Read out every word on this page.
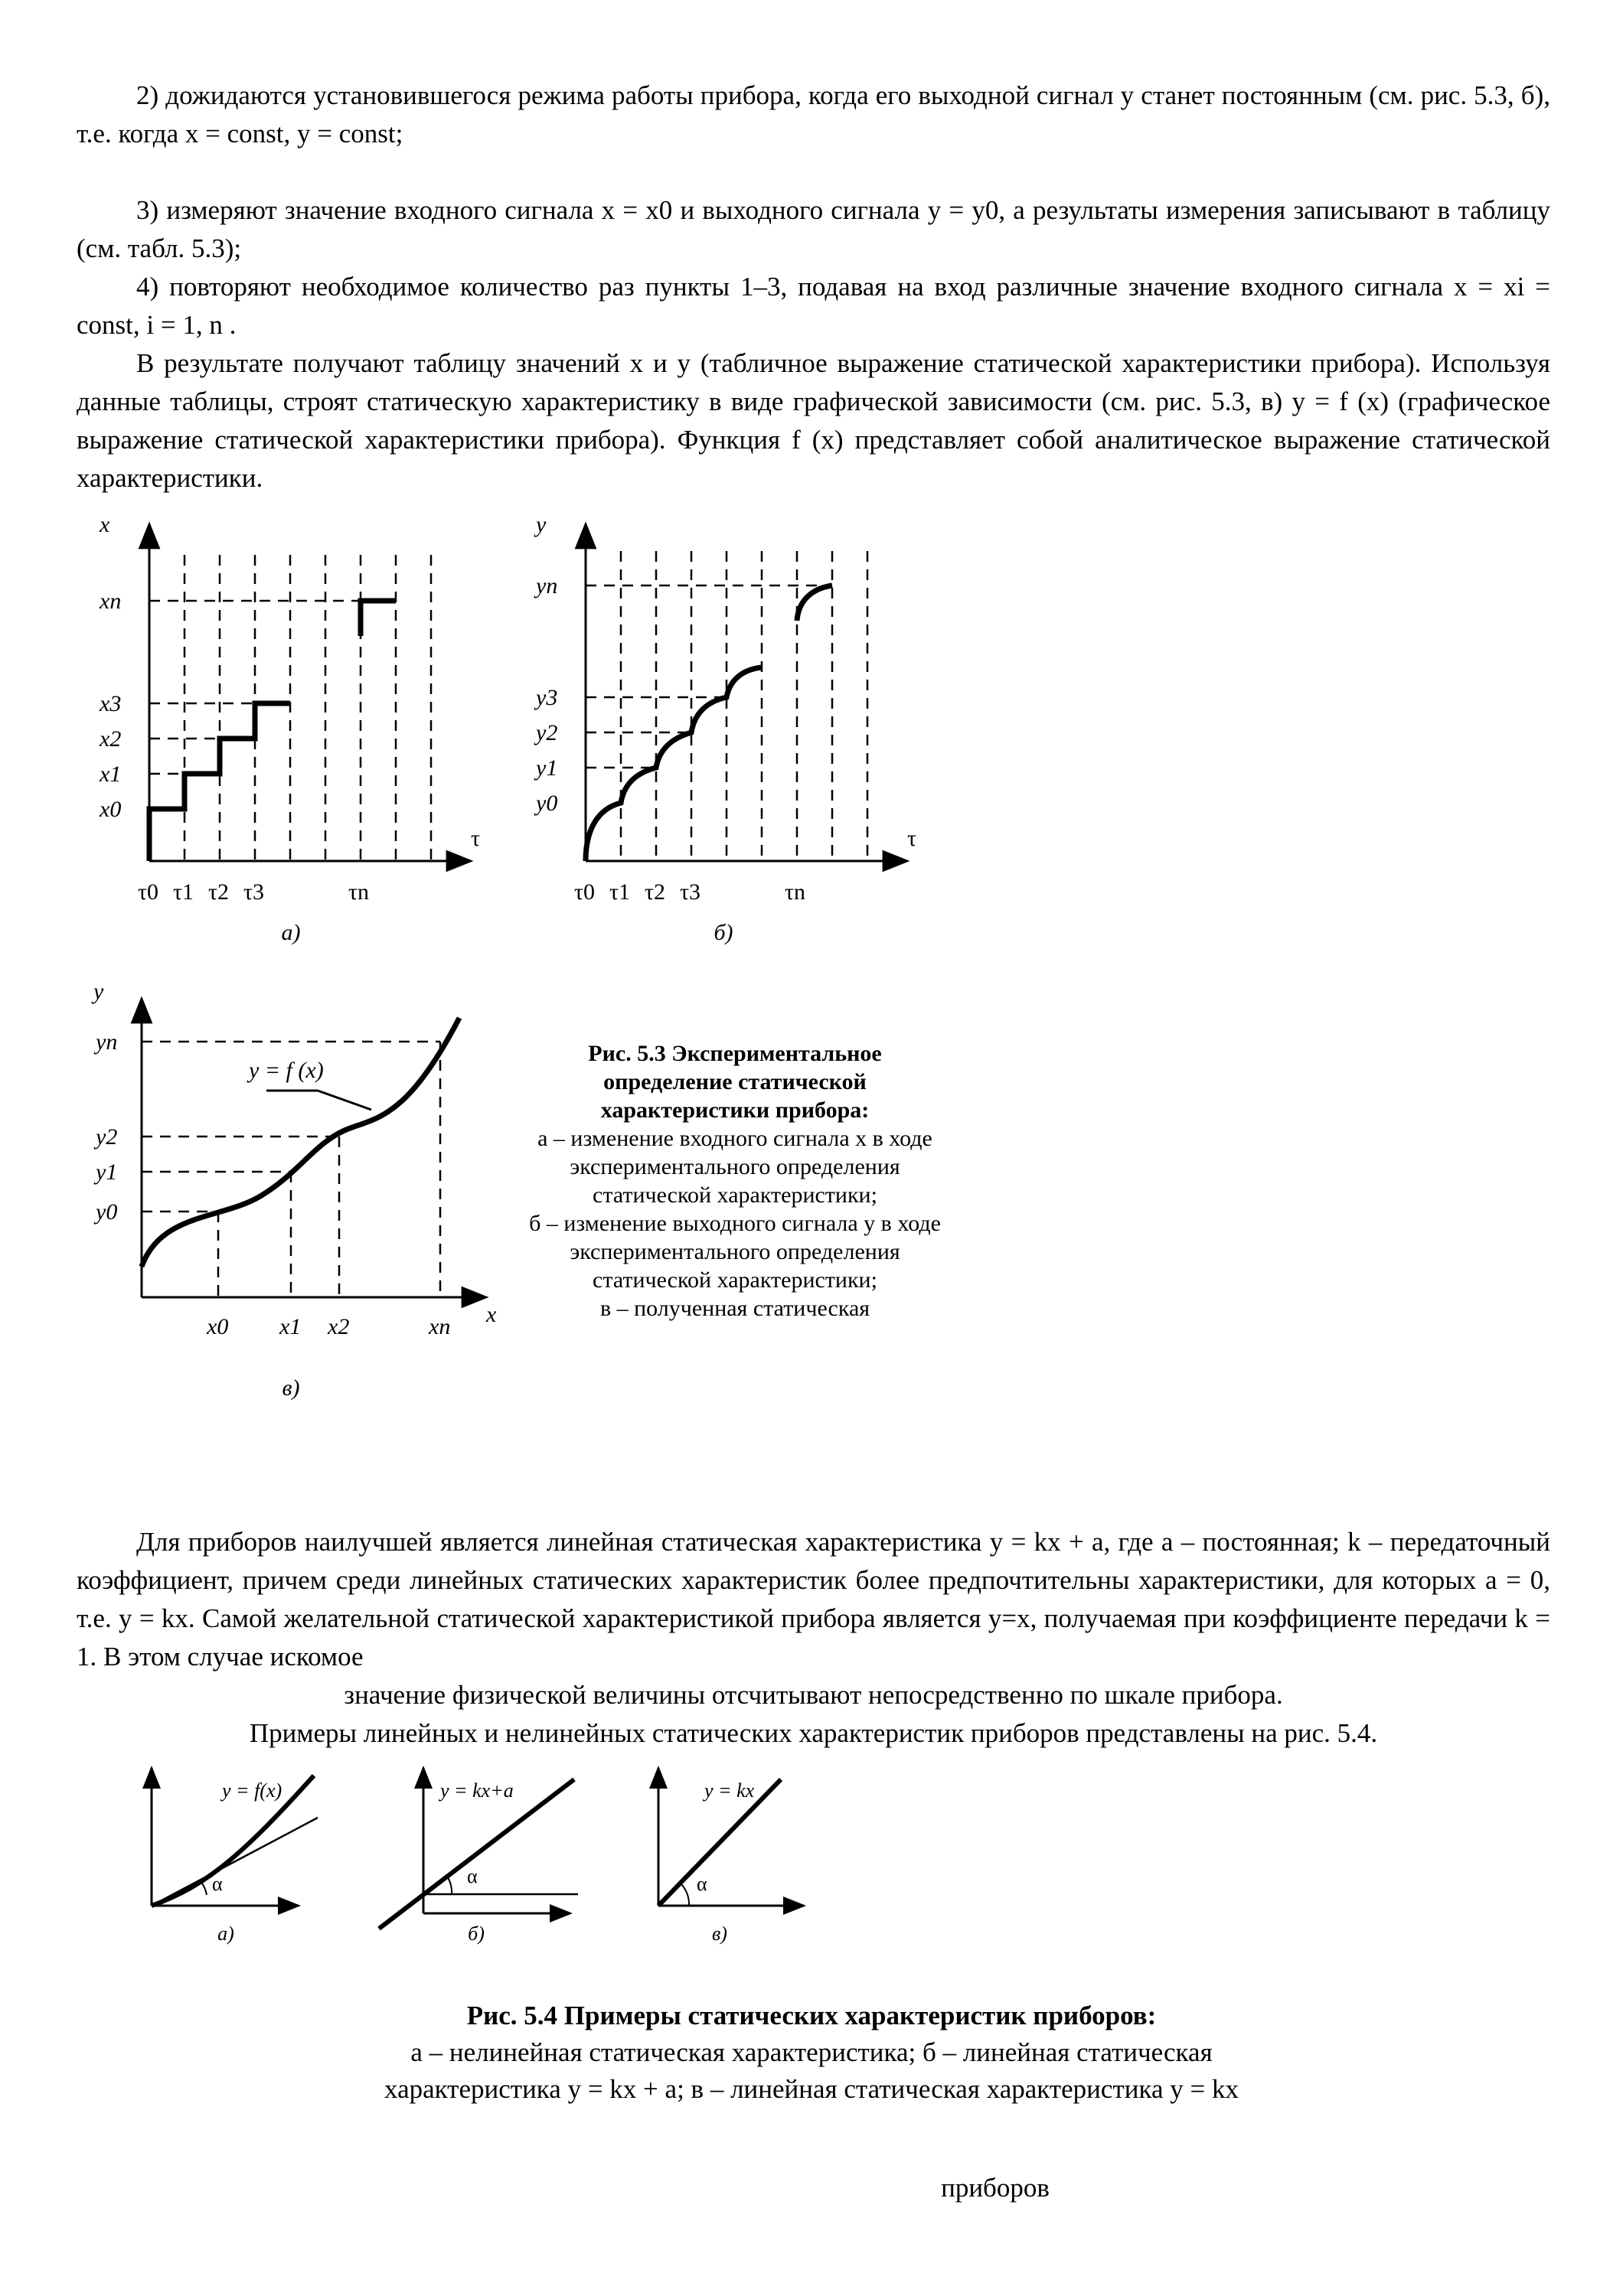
2) дожидаются установившегося режима работы прибора, когда его выходной сигнал y станет постоянным (см. рис. 5.3, б), т.е. когда x = const, y = const;

3) измеряют значение входного сигнала x = x0 и выходного сигнала y = y0, а результаты измерения записывают в таблицу (см. табл. 5.3);

4) повторяют необходимое количество раз пункты 1–3, подавая на вход различные значение входного сигнала x = xi = const, i = 1, n .

В результате получают таблицу значений x и y (табличное выражение статической характеристики прибора). Используя данные таблицы, строят статическую характеристику в виде графической зависимости (см. рис. 5.3, в) y = f (x) (графическое выражение статической характеристики прибора). Функция f (x) представляет собой аналитическое выражение статической характеристики.

x
τ
xn
x3
x2
x1
x0
τ0 τ1 τ2 τ3	τn
а)
y
τ
yn
y3
y2
y1
y0
τ0 τ1 τ2 τ3	τn
б)
y = f (x)
y
x
yn
y2
y1
y0
x0 x1 x2	xn
в)
Рис. 5.3 Экспериментальное определение статической характеристики прибора:
а – изменение входного сигнала x в ходе экспериментального определения статической характеристики;
б – изменение выходного сигнала y в ходе экспериментального определения статической характеристики;
в – полученная статическая

Для приборов наилучшей является линейная статическая характеристика y = kx + a, где a – постоянная; k – передаточный коэффициент, причем среди линейных статических характеристик более предпочтительны характеристики, для которых a = 0, т.е. y = kx. Самой желательной статической характеристикой прибора является y=x, получаемая при коэффициенте передачи k = 1. В этом случае искомое

значение физической величины отсчитывают непосредственно по шкале прибора.

Примеры линейных и нелинейных статических характеристик приборов представлены на рис. 5.4.

y = f(x)
α
а)
y = kx+a
α
б)
y = kx
α
в)
Рис. 5.4 Примеры статических характеристик приборов:
а – нелинейная статическая характеристика; б – линейная статическая
характеристика y = kx + a; в – линейная статическая характеристика y = kx
приборов
